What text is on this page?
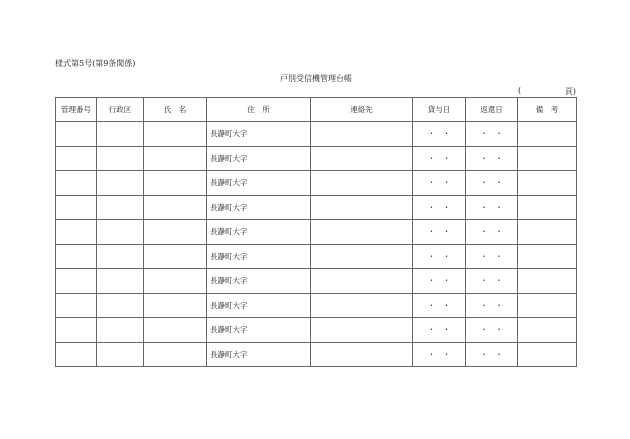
様式第5号(第9条関係)
戸別受信機管理台帳
(	頁)
管理番号	行政区	氏　名	住　所	連絡先	貸与日	返還日	備　考
			長瀞町大字		・　・	・　・	
			長瀞町大字		・　・	・　・	
			長瀞町大字		・　・	・　・	
			長瀞町大字		・　・	・　・	
			長瀞町大字		・　・	・　・	
			長瀞町大字		・　・	・　・	
			長瀞町大字		・　・	・　・	
			長瀞町大字		・　・	・　・	
			長瀞町大字		・　・	・　・	
			長瀞町大字		・　・	・　・	
